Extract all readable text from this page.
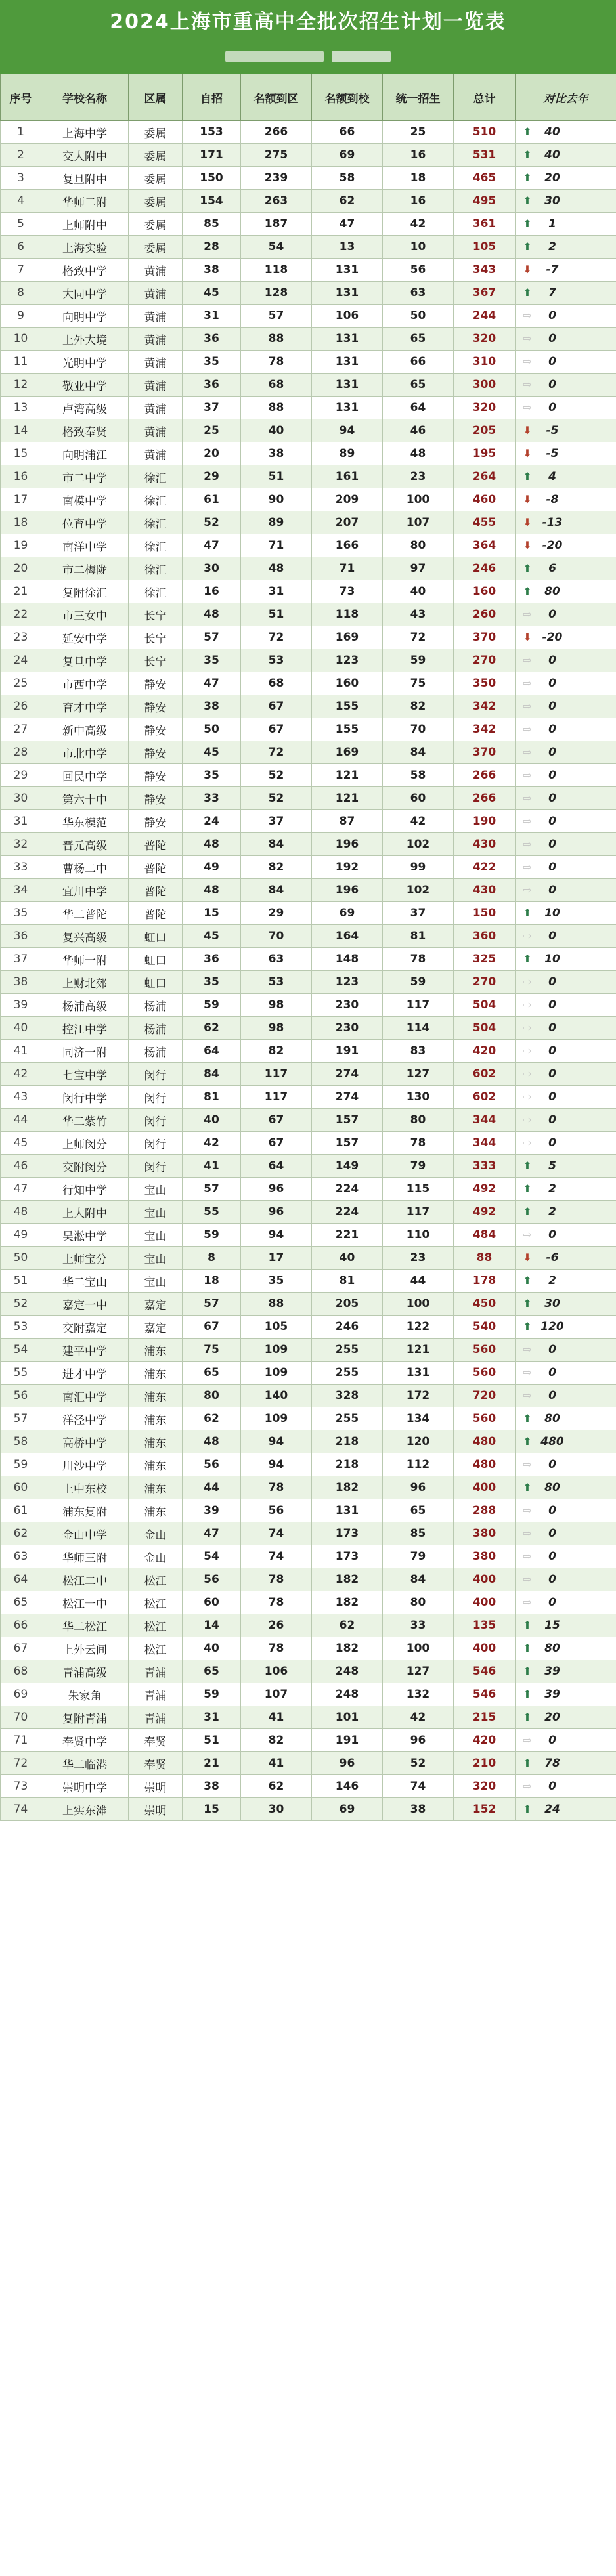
2024上海市重高中全批次招生计划一览表
序号	学校名称	区属	自招	名额到区	名额到校	统一招生	总计	对比去年
1	上海中学	委属	153	266	66	25	510	⬆ 40
2	交大附中	委属	171	275	69	16	531	⬆ 40
3	复旦附中	委属	150	239	58	18	465	⬆ 20
4	华师二附	委属	154	263	62	16	495	⬆ 30
5	上师附中	委属	85	187	47	42	361	⬆ 1
6	上海实验	委属	28	54	13	10	105	⬆ 2
7	格致中学	黄浦	38	118	131	56	343	⬇ -7
8	大同中学	黄浦	45	128	131	63	367	⬆ 7
9	向明中学	黄浦	31	57	106	50	244	⇨ 0
10	上外大境	黄浦	36	88	131	65	320	⇨ 0
11	光明中学	黄浦	35	78	131	66	310	⇨ 0
12	敬业中学	黄浦	36	68	131	65	300	⇨ 0
13	卢湾高级	黄浦	37	88	131	64	320	⇨ 0
14	格致奉贤	黄浦	25	40	94	46	205	⬇ -5
15	向明浦江	黄浦	20	38	89	48	195	⬇ -5
16	市二中学	徐汇	29	51	161	23	264	⬆ 4
17	南模中学	徐汇	61	90	209	100	460	⬇ -8
18	位育中学	徐汇	52	89	207	107	455	⬇ -13
19	南洋中学	徐汇	47	71	166	80	364	⬇ -20
20	市二梅陇	徐汇	30	48	71	97	246	⬆ 6
21	复附徐汇	徐汇	16	31	73	40	160	⬆ 80
22	市三女中	长宁	48	51	118	43	260	⇨ 0
23	延安中学	长宁	57	72	169	72	370	⬇ -20
24	复旦中学	长宁	35	53	123	59	270	⇨ 0
25	市西中学	静安	47	68	160	75	350	⇨ 0
26	育才中学	静安	38	67	155	82	342	⇨ 0
27	新中高级	静安	50	67	155	70	342	⇨ 0
28	市北中学	静安	45	72	169	84	370	⇨ 0
29	回民中学	静安	35	52	121	58	266	⇨ 0
30	第六十中	静安	33	52	121	60	266	⇨ 0
31	华东模范	静安	24	37	87	42	190	⇨ 0
32	晋元高级	普陀	48	84	196	102	430	⇨ 0
33	曹杨二中	普陀	49	82	192	99	422	⇨ 0
34	宜川中学	普陀	48	84	196	102	430	⇨ 0
35	华二普陀	普陀	15	29	69	37	150	⬆ 10
36	复兴高级	虹口	45	70	164	81	360	⇨ 0
37	华师一附	虹口	36	63	148	78	325	⬆ 10
38	上财北郊	虹口	35	53	123	59	270	⇨ 0
39	杨浦高级	杨浦	59	98	230	117	504	⇨ 0
40	控江中学	杨浦	62	98	230	114	504	⇨ 0
41	同济一附	杨浦	64	82	191	83	420	⇨ 0
42	七宝中学	闵行	84	117	274	127	602	⇨ 0
43	闵行中学	闵行	81	117	274	130	602	⇨ 0
44	华二紫竹	闵行	40	67	157	80	344	⇨ 0
45	上师闵分	闵行	42	67	157	78	344	⇨ 0
46	交附闵分	闵行	41	64	149	79	333	⬆ 5
47	行知中学	宝山	57	96	224	115	492	⬆ 2
48	上大附中	宝山	55	96	224	117	492	⬆ 2
49	吴淞中学	宝山	59	94	221	110	484	⇨ 0
50	上师宝分	宝山	8	17	40	23	88	⬇ -6
51	华二宝山	宝山	18	35	81	44	178	⬆ 2
52	嘉定一中	嘉定	57	88	205	100	450	⬆ 30
53	交附嘉定	嘉定	67	105	246	122	540	⬆ 120
54	建平中学	浦东	75	109	255	121	560	⇨ 0
55	进才中学	浦东	65	109	255	131	560	⇨ 0
56	南汇中学	浦东	80	140	328	172	720	⇨ 0
57	洋泾中学	浦东	62	109	255	134	560	⬆ 80
58	高桥中学	浦东	48	94	218	120	480	⬆ 480
59	川沙中学	浦东	56	94	218	112	480	⇨ 0
60	上中东校	浦东	44	78	182	96	400	⬆ 80
61	浦东复附	浦东	39	56	131	65	288	⇨ 0
62	金山中学	金山	47	74	173	85	380	⇨ 0
63	华师三附	金山	54	74	173	79	380	⇨ 0
64	松江二中	松江	56	78	182	84	400	⇨ 0
65	松江一中	松江	60	78	182	80	400	⇨ 0
66	华二松江	松江	14	26	62	33	135	⬆ 15
67	上外云间	松江	40	78	182	100	400	⬆ 80
68	青浦高级	青浦	65	106	248	127	546	⬆ 39
69	朱家角	青浦	59	107	248	132	546	⬆ 39
70	复附青浦	青浦	31	41	101	42	215	⬆ 20
71	奉贤中学	奉贤	51	82	191	96	420	⇨ 0
72	华二临港	奉贤	21	41	96	52	210	⬆ 78
73	崇明中学	崇明	38	62	146	74	320	⇨ 0
74	上实东滩	崇明	15	30	69	38	152	⬆ 24
